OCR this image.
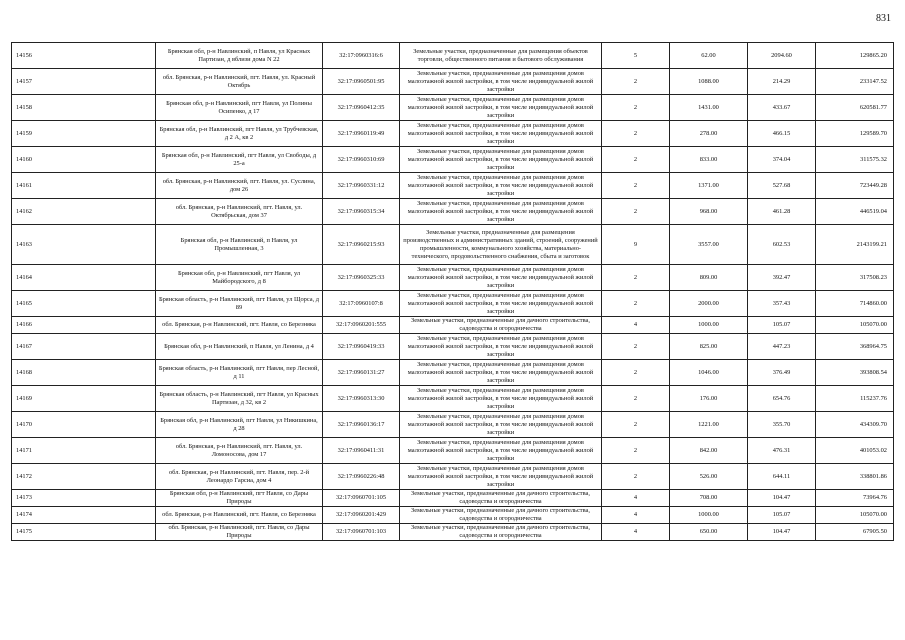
831
14156	Брянская обл, р-н Навлинский, п Навля, ул Красных Партизан, д вблизи дома N 22	32:17:0960316:6	Земельные участки, предназначенные для размещения объектов торговли, общественного питания и бытового обслуживания	5	62.00	2094.60	129865.20
14157	обл. Брянская, р-н Навлинский, пгт. Навля, ул. Красный Октябрь	32:17:0960501:95	Земельные участки, предназначенные для размещения домов малоэтажной жилой застройки, в том числе индивидуальной жилой застройки	2	1088.00	214.29	233147.52
14158	Брянская обл, р-н Навлинский, пгт Навля, ул Полины Осипенко, д 17	32:17:0960412:35	Земельные участки, предназначенные для размещения домов малоэтажной жилой застройки, в том числе индивидуальной жилой застройки	2	1431.00	433.67	620581.77
14159	Брянская обл, р-н Навлинский, пгт Навля, ул Трубчевская, д 2 А, кв 2	32:17:0960119:49	Земельные участки, предназначенные для размещения домов малоэтажной жилой застройки, в том числе индивидуальной жилой застройки	2	278.00	466.15	129589.70
14160	Брянская обл, р-н Навлинский, пгт Навля, ул Свободы, д 25-а	32:17:0960310:69	Земельные участки, предназначенные для размещения домов малоэтажной жилой застройки, в том числе индивидуальной жилой застройки	2	833.00	374.04	311575.32
14161	обл. Брянская, р-н Навлинский, пгт. Навля, ул. Суслина, дом 26	32:17:0960331:12	Земельные участки, предназначенные для размещения домов малоэтажной жилой застройки, в том числе индивидуальной жилой застройки	2	1371.00	527.68	723449.28
14162	обл. Брянская, р-н Навлинский, пгт. Навля, ул. Октябрьская, дом 37	32:17:0960315:34	Земельные участки, предназначенные для размещения домов малоэтажной жилой застройки, в том числе индивидуальной жилой застройки	2	968.00	461.28	446519.04
14163	Брянская обл, р-н Навлинский, п Навля, ул Промышленная, 3	32:17:0960215:93	Земельные участки, предназначенные для размещения производственных и административных зданий, строений, сооружений промышленности, коммунального хозяйства, материально-технического, продовольственного снабжения, сбыта и заготовок	9	3557.00	602.53	2143199.21
14164	Брянская обл, р-н Навлинский, пгт Навля, ул Майбородского, д 8	32:17:0960325:33	Земельные участки, предназначенные для размещения домов малоэтажной жилой застройки, в том числе индивидуальной жилой застройки	2	809.00	392.47	317508.23
14165	Брянская область, р-н Навлинский, пгт Навля, ул Щорса, д 89	32:17:0960107:8	Земельные участки, предназначенные для размещения домов малоэтажной жилой застройки, в том числе индивидуальной жилой застройки	2	2000.00	357.43	714860.00
14166	обл. Брянская, р-н Навлинский, пгт. Навля, со Березняка	32:17:0960201:555	Земельные участки, предназначенные для дачного строительства, садоводства и огородничества	4	1000.00	105.07	105070.00
14167	Брянская обл, р-н Навлинский, п Навля, ул Ленина, д 4	32:17:0960419:33	Земельные участки, предназначенные для размещения домов малоэтажной жилой застройки, в том числе индивидуальной жилой застройки	2	825.00	447.23	368964.75
14168	Брянская область, р-н Навлинский, пгт Навля, пер Лесной, д 11	32:17:0960131:27	Земельные участки, предназначенные для размещения домов малоэтажной жилой застройки, в том числе индивидуальной жилой застройки	2	1046.00	376.49	393808.54
14169	Брянская область, р-н Навлинский, пгт Навля, ул Красных Партизан, д 32, кв 2	32:17:0960313:30	Земельные участки, предназначенные для размещения домов малоэтажной жилой застройки, в том числе индивидуальной жилой застройки	2	176.00	654.76	115237.76
14170	Брянская обл, р-н Навлинский, пгт Навля, ул Никишкина, д 28	32:17:0960136:17	Земельные участки, предназначенные для размещения домов малоэтажной жилой застройки, в том числе индивидуальной жилой застройки	2	1221.00	355.70	434309.70
14171	обл. Брянская, р-н Навлинский, пгт. Навля, ул. Ломоносова, дом 17	32:17:0960411:31	Земельные участки, предназначенные для размещения домов малоэтажной жилой застройки, в том числе индивидуальной жилой застройки	2	842.00	476.31	401053.02
14172	обл. Брянская, р-н Навлинский, пгт. Навля, пер. 2-й Леонардо Гарсиа, дом 4	32:17:0960226:48	Земельные участки, предназначенные для размещения домов малоэтажной жилой застройки, в том числе индивидуальной жилой застройки	2	526.00	644.11	338801.86
14173	Брянская обл, р-н Навлинский, пгт Навля, со Дары Природы	32:17:0960701:105	Земельные участки, предназначенные для дачного строительства, садоводства и огородничества	4	708.00	104.47	73964.76
14174	обл. Брянская, р-н Навлинский, пгт. Навля, со Березняка	32:17:0960201:429	Земельные участки, предназначенные для дачного строительства, садоводства и огородничества	4	1000.00	105.07	105070.00
14175	обл. Брянская, р-н Навлинский, пгт. Навля, со Дары Природы	32:17:0960701:103	Земельные участки, предназначенные для дачного строительства, садоводства и огородничества	4	650.00	104.47	67905.50
